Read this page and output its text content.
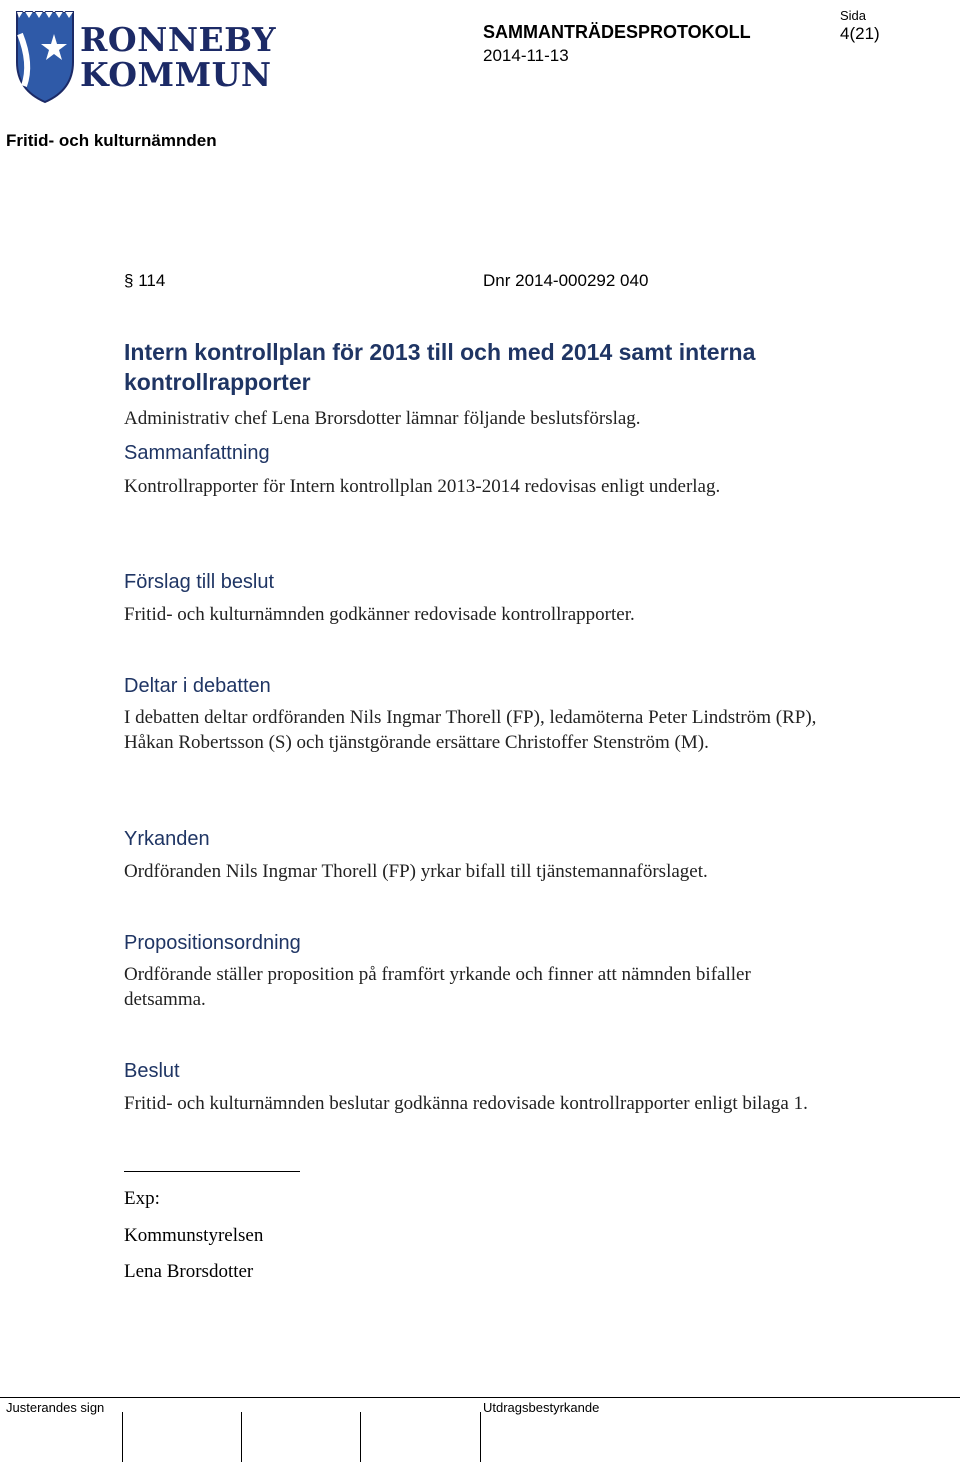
RONNEBY
KOMMUN
SAMMANTRÄDESPROTOKOLL
2014-11-13
Sida
4(21)
Fritid- och kulturnämnden
§ 114	Dnr 2014-000292 040
Intern kontrollplan för 2013 till och med 2014 samt interna kontrollrapporter
Administrativ chef Lena Brorsdotter lämnar följande beslutsförslag.
Sammanfattning
Kontrollrapporter för Intern kontrollplan 2013-2014 redovisas enligt underlag.
Förslag till beslut
Fritid- och kulturnämnden godkänner redovisade kontrollrapporter.
Deltar i debatten
I debatten deltar ordföranden Nils Ingmar Thorell (FP), ledamöterna Peter Lindström (RP), Håkan Robertsson (S) och tjänstgörande ersättare Christoffer Stenström (M).
Yrkanden
Ordföranden Nils Ingmar Thorell (FP) yrkar bifall till tjänstemannaförslaget.
Propositionsordning
Ordförande ställer proposition på framfört yrkande och finner att nämnden bifaller detsamma.
Beslut
Fritid- och kulturnämnden beslutar godkänna redovisade kontrollrapporter enligt bilaga 1.
Exp:
Kommunstyrelsen
Lena Brorsdotter
Justerandes sign	Utdragsbestyrkande
